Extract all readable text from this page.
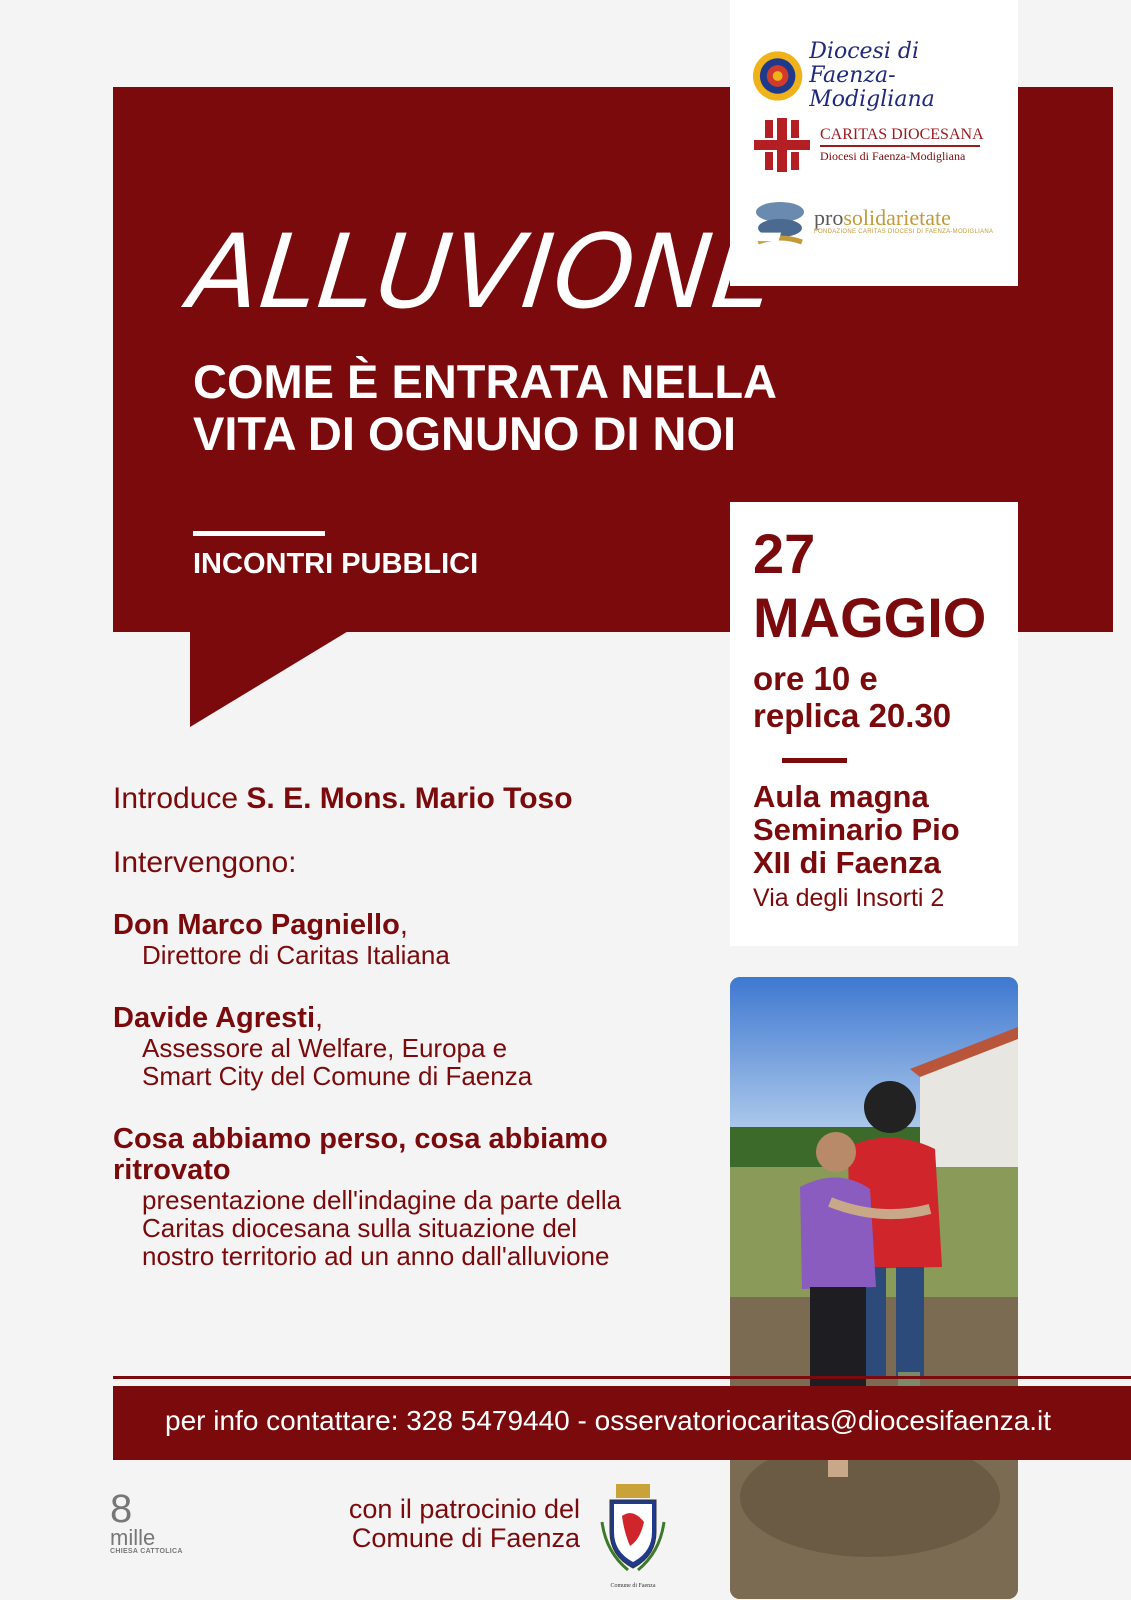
Diocesi di
Faenza-Modigliana
CARITAS DIOCESANA
Diocesi di Faenza-Modigliana
prosolidarietate
FONDAZIONE CARITAS DIOCESI DI FAENZA-MODIGLIANA
ALLUVIONE
COME È ENTRATA NELLA
VITA DI OGNUNO DI NOI
INCONTRI PUBBLICI	27
MAGGIO
ore 10 e
replica 20.30
Aula magna
Seminario Pio
XII di Faenza
Via degli Insorti 2
Introduce S. E. Mons. Mario Toso
Intervengono:
Don Marco Pagniello,
Direttore di Caritas Italiana
Davide Agresti,
Assessore al Welfare, Europa e
Smart City del Comune di Faenza
Cosa abbiamo perso, cosa abbiamo ritrovato
presentazione dell'indagine da parte della
Caritas diocesana sulla situazione del
nostro territorio ad un anno dall'alluvione
per info contattare: 328 5479440 - osservatoriocaritas@diocesifaenza.it
8
mille
CHIESA CATTOLICA
con il patrocinio del
Comune di Faenza
Comune di Faenza
